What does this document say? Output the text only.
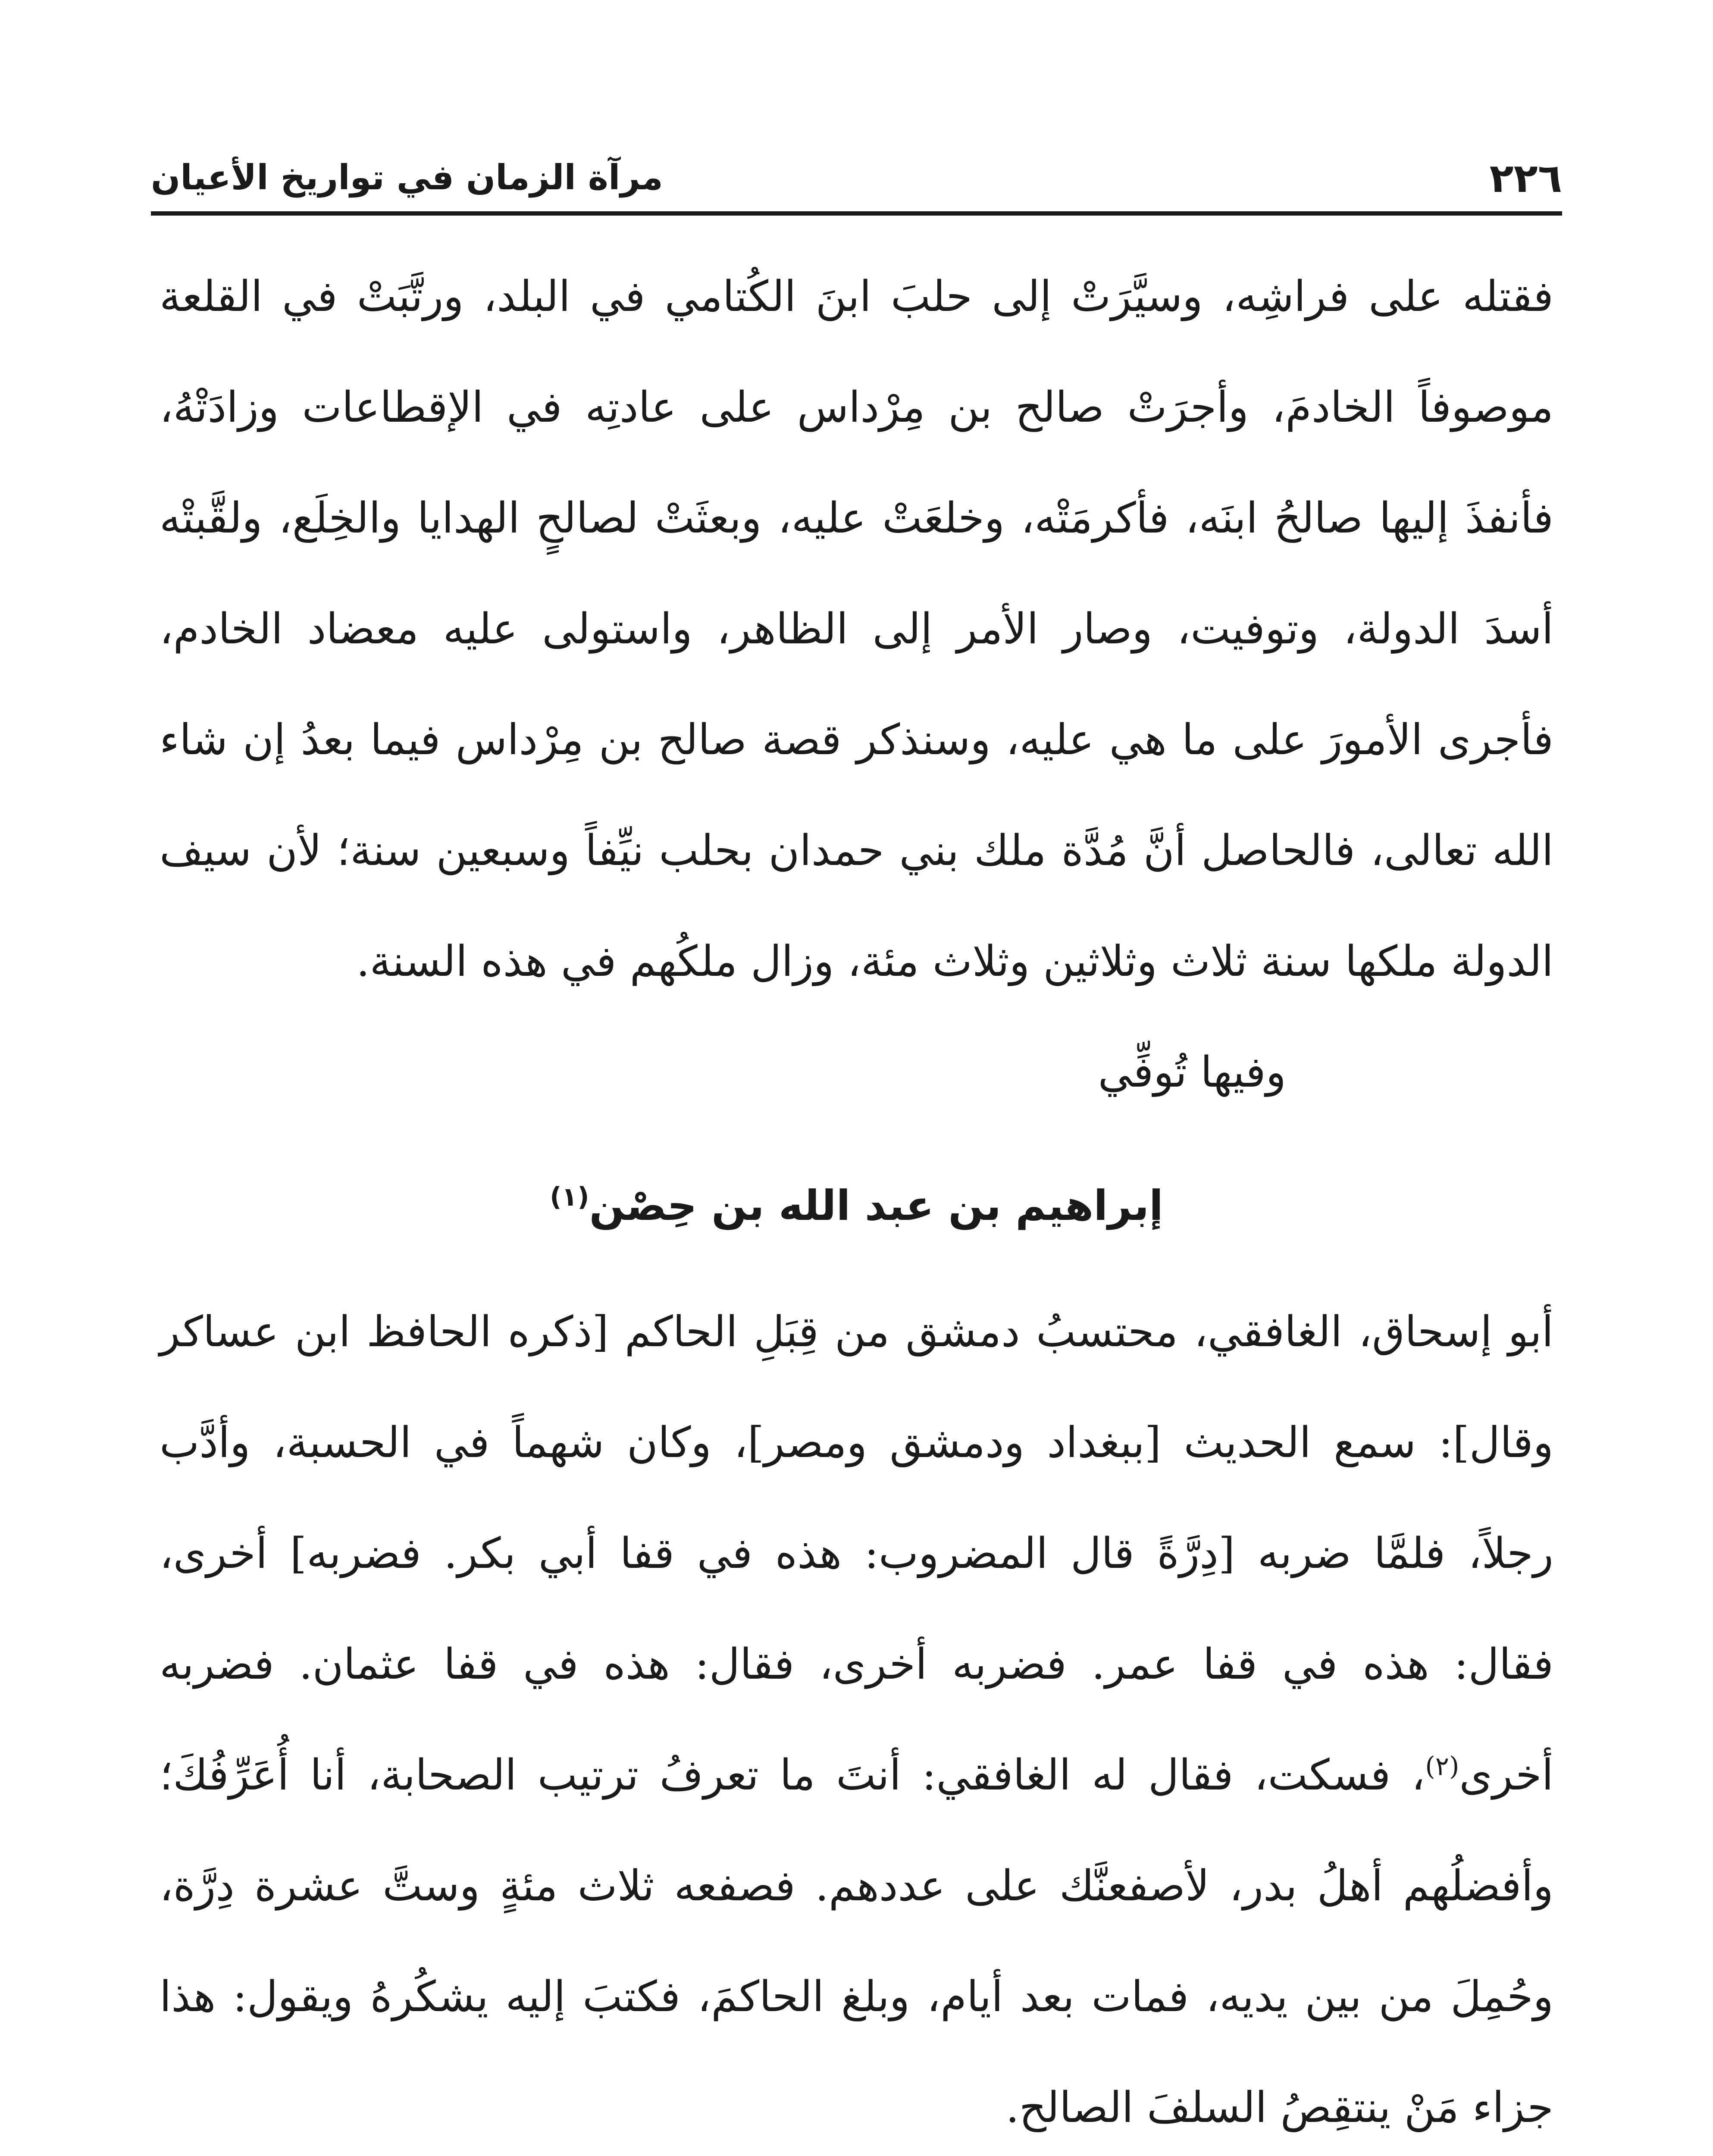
٢٢٦
مرآة الزمان في تواريخ الأعيان

فقتله على فراشِه، وسيَّرَتْ إلى حلبَ ابنَ الكُتامي في البلد، ورتَّبَتْ في القلعة موصوفاً الخادمَ، وأجرَتْ صالح بن مِرْداس على عادتِه في الإقطاعات وزادَتْهُ، فأنفذَ إليها صالحُ ابنَه، فأكرمَتْه، وخلعَتْ عليه، وبعثَتْ لصالحٍ الهدايا والخِلَع، ولقَّبتْه أسدَ الدولة، وتوفيت، وصار الأمر إلى الظاهر، واستولى عليه معضاد الخادم، فأجرى الأمورَ على ما هي عليه، وسنذكر قصة صالح بن مِرْداس فيما بعدُ إن شاء الله تعالى، فالحاصل أنَّ مُدَّة ملك بني حمدان بحلب نيِّفاً وسبعين سنة؛ لأن سيف الدولة ملكها سنة ثلاث وثلاثين وثلاث مئة، وزال ملكُهم في هذه السنة.

وفيها تُوفِّي

إبراهيم بن عبد الله بن حِصْن$^{(١)}$

أبو إسحاق، الغافقي، محتسبُ دمشق من قِبَلِ الحاكم [ذكره الحافظ ابن عساكر وقال]: سمع الحديث [ببغداد ودمشق ومصر]، وكان شهماً في الحسبة، وأدَّب رجلاً، فلمَّا ضربه [دِرَّةً قال المضروب: هذه في قفا أبي بكر. فضربه] أخرى، فقال: هذه في قفا عمر. فضربه أخرى، فقال: هذه في قفا عثمان. فضربه أخرى$^{(٢)}$، فسكت، فقال له الغافقي: أنتَ ما تعرفُ ترتيب الصحابة، أنا أُعَرِّفُكَ؛ وأفضلُهم أهلُ بدر، لأصفعنَّك على عددهم. فصفعه ثلاث مئةٍ وستَّ عشرة دِرَّة، وحُمِلَ من بين يديه، فمات بعد أيام، وبلغ الحاكمَ، فكتبَ إليه يشكُرهُ ويقول: هذا جزاء مَنْ ينتقِصُ السلفَ الصالح.
